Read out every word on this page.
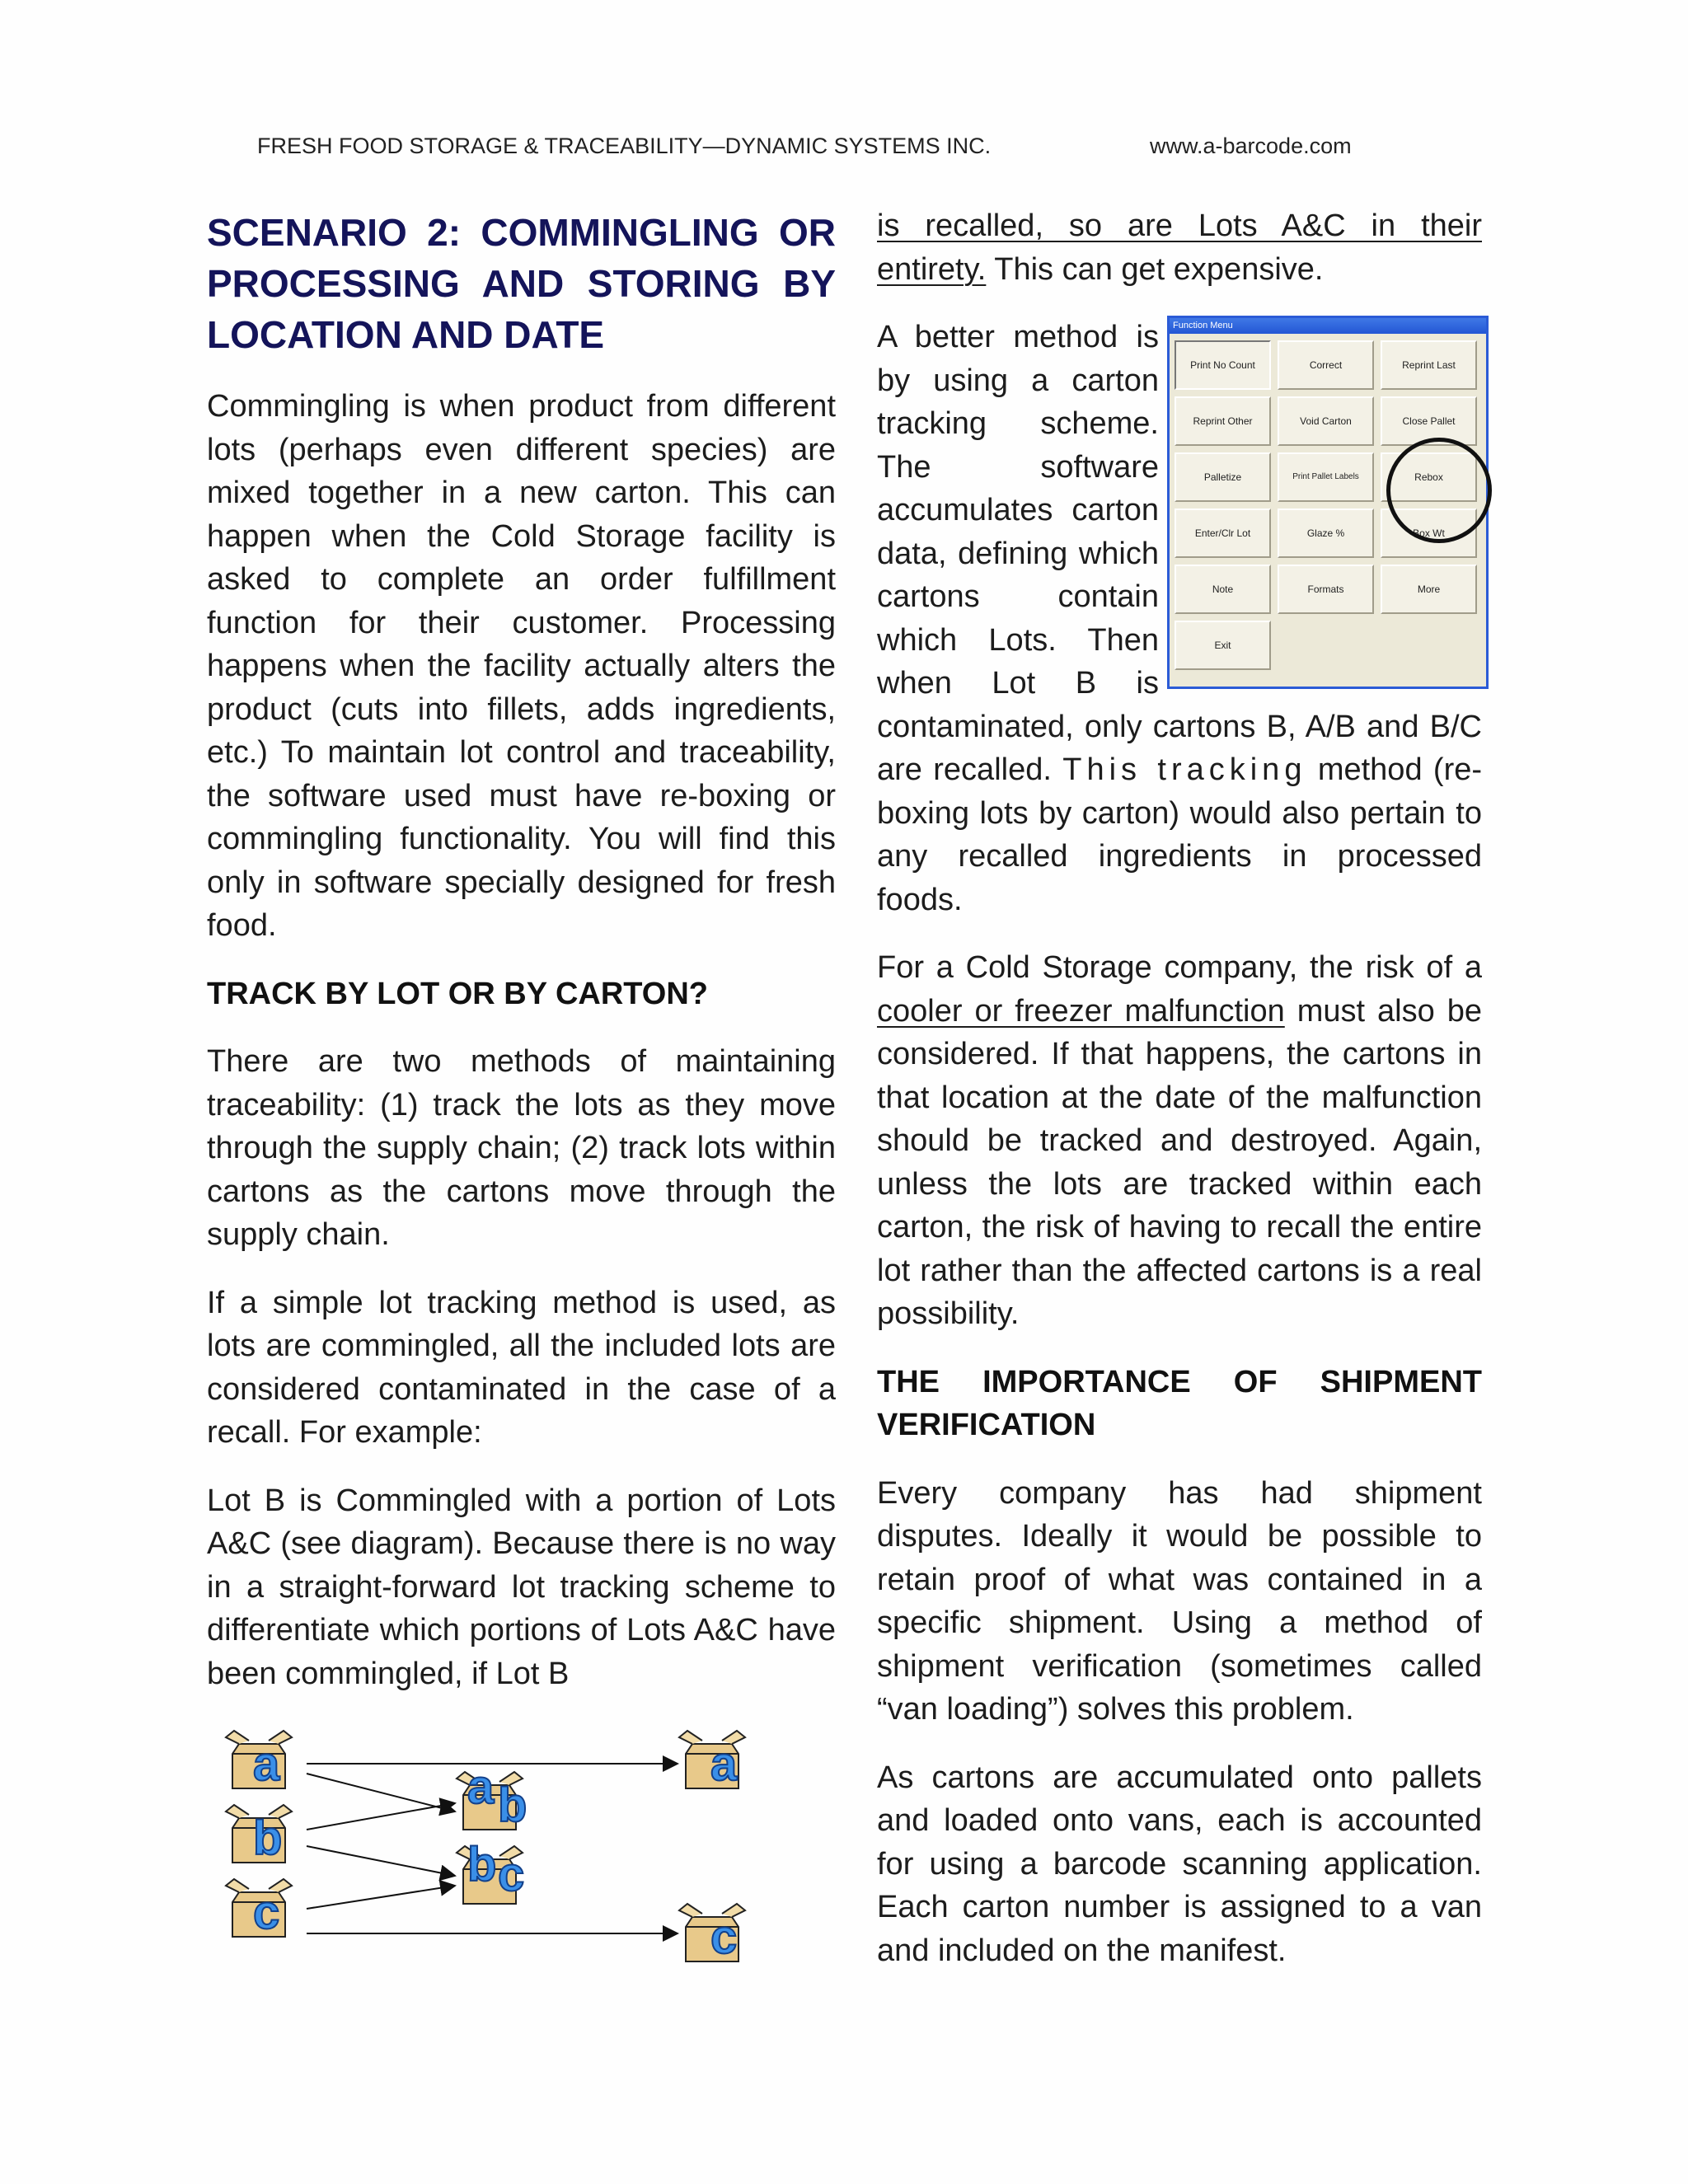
FRESH FOOD STORAGE & TRACEABILITY—DYNAMIC SYSTEMS INC.	www.a-barcode.com
SCENARIO 2: COMMINGLING OR PROCESSING AND STORING BY LOCATION AND DATE

Commingling is when product from different lots (perhaps even different species) are mixed together in a new carton. This can happen when the Cold Storage facility is asked to complete an order fulfillment function for their customer. Processing happens when the facility actually alters the product (cuts into fillets, adds ingredients, etc.) To maintain lot control and traceability, the software used must have re-boxing or commingling functionality. You will find this only in software specially designed for fresh food.

TRACK BY LOT OR BY CARTON?

There are two methods of maintaining traceability: (1) track the lots as they move through the supply chain; (2) track lots within cartons as the cartons move through the supply chain.

If a simple lot tracking method is used, as lots are commingled, all the included lots are considered contaminated in the case of a recall. For example:

Lot B is Commingled with a portion of Lots A&C (see diagram). Because there is no way in a straight-forward lot tracking scheme to differentiate which portions of Lots A&C have been commingled, if Lot B

is recalled, so are Lots A&C in their entirety. This can get expensive.

Function Menu
Print No Count	Correct	Reprint Last
Reprint Other	Void Carton	Close Pallet
Palletize	Print Pallet Labels	Rebox
Enter/Clr Lot	Glaze %	Box Wt
Note	Formats	More
Exit
A better method is by using a carton tracking scheme. The software accumulates carton data, defining which cartons contain which Lots. Then when Lot B is contaminated, only cartons B, A/B and B/C are recalled. This tracking method (re-boxing lots by carton) would also pertain to any recalled ingredients in processed foods.

For a Cold Storage company, the risk of a cooler or freezer malfunction must also be considered. If that happens, the cartons in that location at the date of the malfunction should be tracked and destroyed. Again, unless the lots are tracked within each carton, the risk of having to recall the entire lot rather than the affected cartons is a real possibility.

THE IMPORTANCE OF SHIPMENT VERIFICATION

Every company has had shipment disputes. Ideally it would be possible to retain proof of what was contained in a specific shipment. Using a method of shipment verification (sometimes called “van loading”) solves this problem.

As cartons are accumulated onto pallets and loaded onto vans, each is accounted for using a barcode scanning application. Each carton number is assigned to a van and included on the manifest.

a
b
c
a b
b c
a
c
